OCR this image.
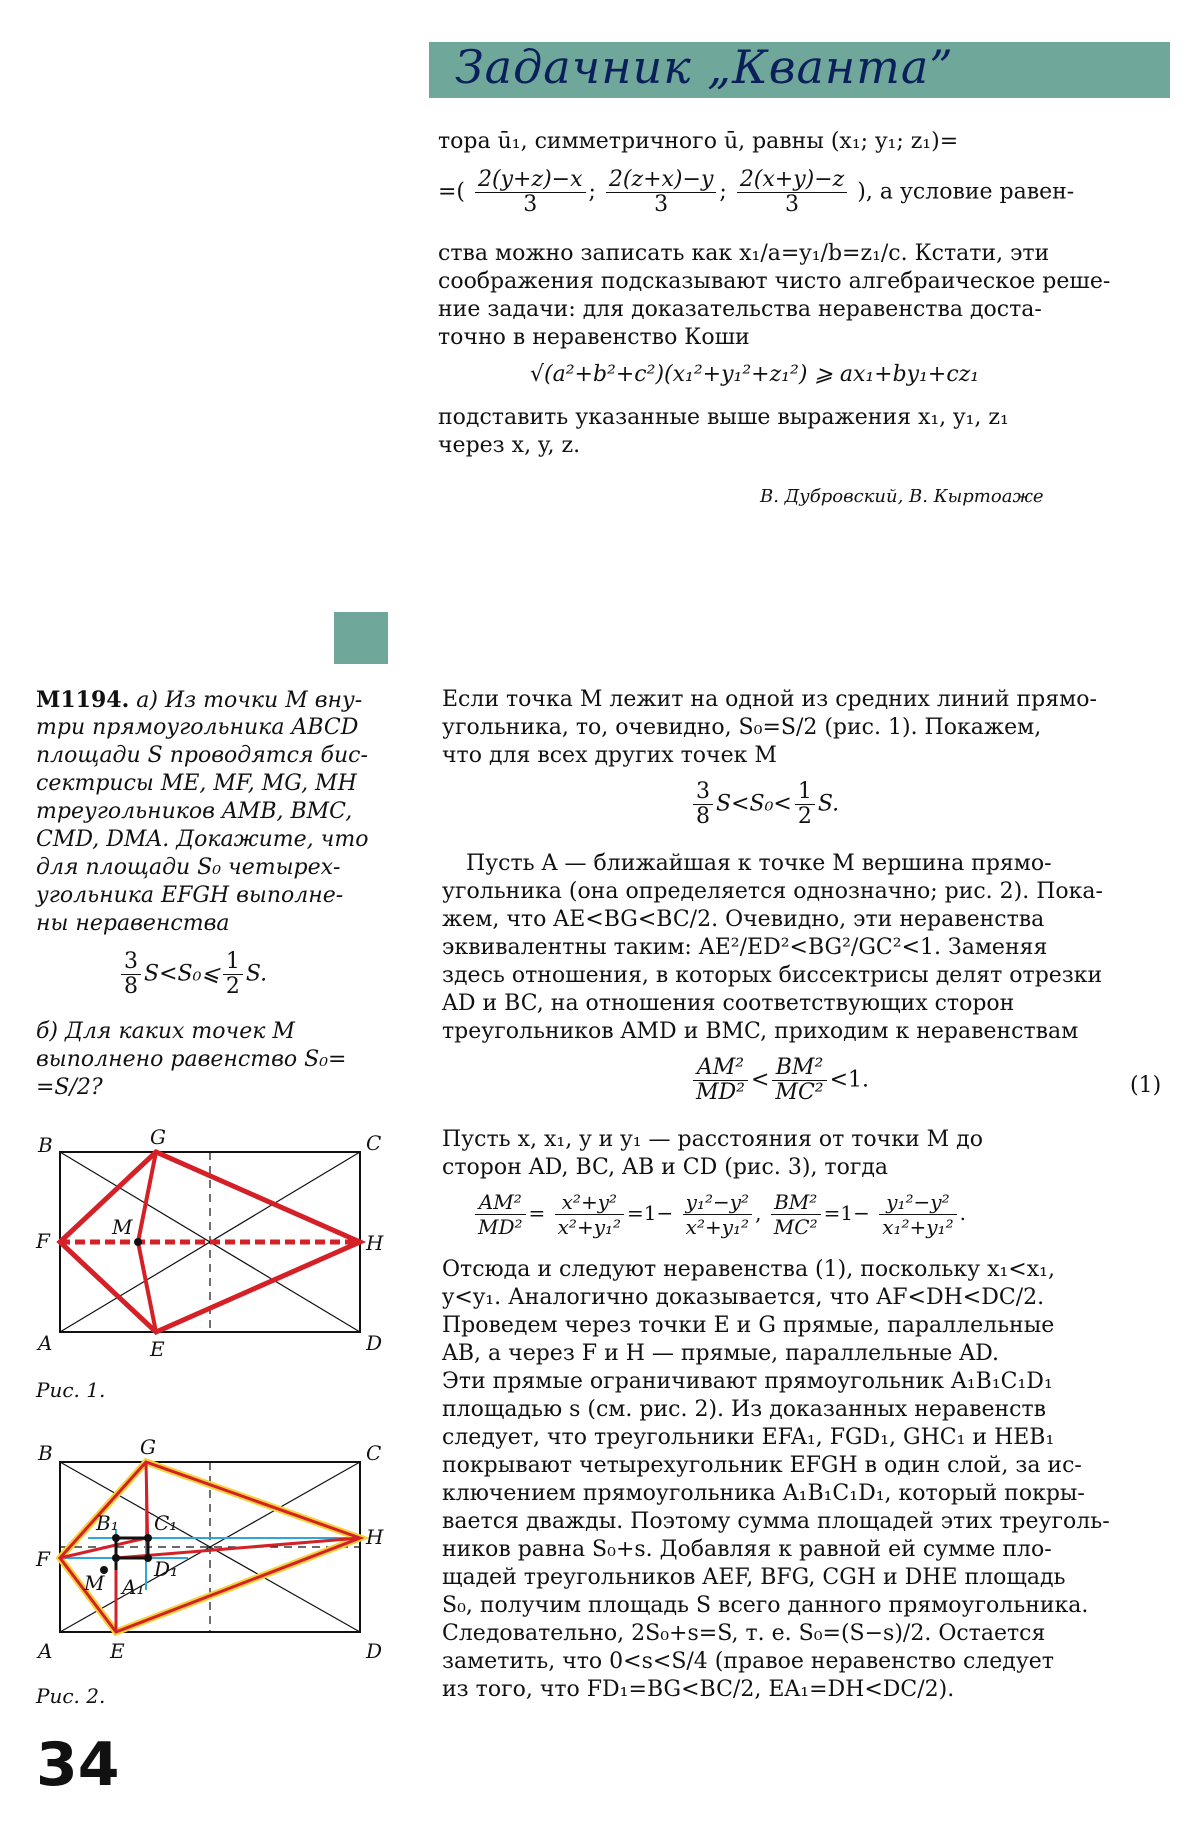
Задачник „Кванта”
тора ū₁, симметричного ū, равны (x₁; y₁; z₁)=
=( $\frac{2(y+z)-x}{3}$ ; $\frac{2(z+x)-y}{3}$ ; $\frac{2(x+y)-z}{3}$ ), а условие равен-
ства можно записать как x₁/a=y₁/b=z₁/c. Кстати, эти
соображения подсказывают чисто алгебраическое реше-
ние задачи: для доказательства неравенства доста-
точно в неравенство Коши
√(a²+b²+c²)(x₁²+y₁²+z₁²) ⩾ ax₁+by₁+cz₁
подставить указанные выше выражения x₁, y₁, z₁
через x, y, z.
В. Дубровский, В. Кыртоаже
М1194. а) Из точки M вну-
три прямоугольника ABCD
площади S проводятся бис-
сектрисы ME, MF, MG, MH
треугольников AMB, BMC,
CMD, DMA. Докажите, что
для площади S₀ четырех-
угольника EFGH выполне-
ны неравенства
$\frac{3}{8}$ S<S₀⩽ $\frac{1}{2} S$.
б) Для каких точек M
выполнено равенство S₀=
=S/2?
B	G	C
F	H
M
A	E	D
Рис. 1.
B	G	C
F
H
M
B₁ C₁
D₁
A₁
A	E	D
Рис. 2.
Если точка M лежит на одной из средних линий прямо-
угольника, то, очевидно, S₀=S/2 (рис. 1). Покажем,
что для всех других точек M
$\frac{3}{8} S<S_0< \frac{1}{2} S$.
Пусть A — ближайшая к точке M вершина прямо-
угольника (она определяется однозначно; рис. 2). Пока-
жем, что AE<BG<BC/2. Очевидно, эти неравенства
эквивалентны таким: AE²/ED²<BG²/GC²<1. Заменяя
здесь отношения, в которых биссектрисы делят отрезки
AD и BC, на отношения соответствующих сторон
треугольников AMD и BMC, приходим к неравенствам
$\frac{\text{AM²}}{\text{MD²}} < \frac{\text{BM²}}{\text{MC²}} <1$.	(1)
Пусть x, x₁, y и y₁ — расстояния от точки M до
сторон AD, BC, AB и CD (рис. 3), тогда
$\frac{\text{AM²}}{\text{MD²}} = \frac{\text{x²+y²}}{\text{x²+y₁²}} =1- \frac{\text{y₁²−y²}}{\text{x²+y₁²}}$ , $\frac{\text{BM²}}{\text{MC²}} =1- \frac{\text{y₁²−y²}}{\text{x₁²+y₁²}}$ .
Отсюда и следуют неравенства (1), поскольку x₁<x₁,
y<y₁. Аналогично доказывается, что AF<DH<DC/2.
Проведем через точки E и G прямые, параллельные
AB, а через F и H — прямые, параллельные AD.
Эти прямые ограничивают прямоугольник A₁B₁C₁D₁
площадью s (см. рис. 2). Из доказанных неравенств
следует, что треугольники EFA₁, FGD₁, GHC₁ и HEB₁
покрывают четырехугольник EFGH в один слой, за ис-
ключением прямоугольника A₁B₁C₁D₁, который покры-
вается дважды. Поэтому сумма площадей этих треуголь-
ников равна S₀+s. Добавляя к равной ей сумме пло-
щадей треугольников AEF, BFG, CGH и DHE площадь
S₀, получим площадь S всего данного прямоугольника.
Следовательно, 2S₀+s=S, т. е. S₀=(S−s)/2. Остается
заметить, что 0<s<S/4 (правое неравенство следует
из того, что FD₁=BG<BC/2, EA₁=DH<DC/2).
34
